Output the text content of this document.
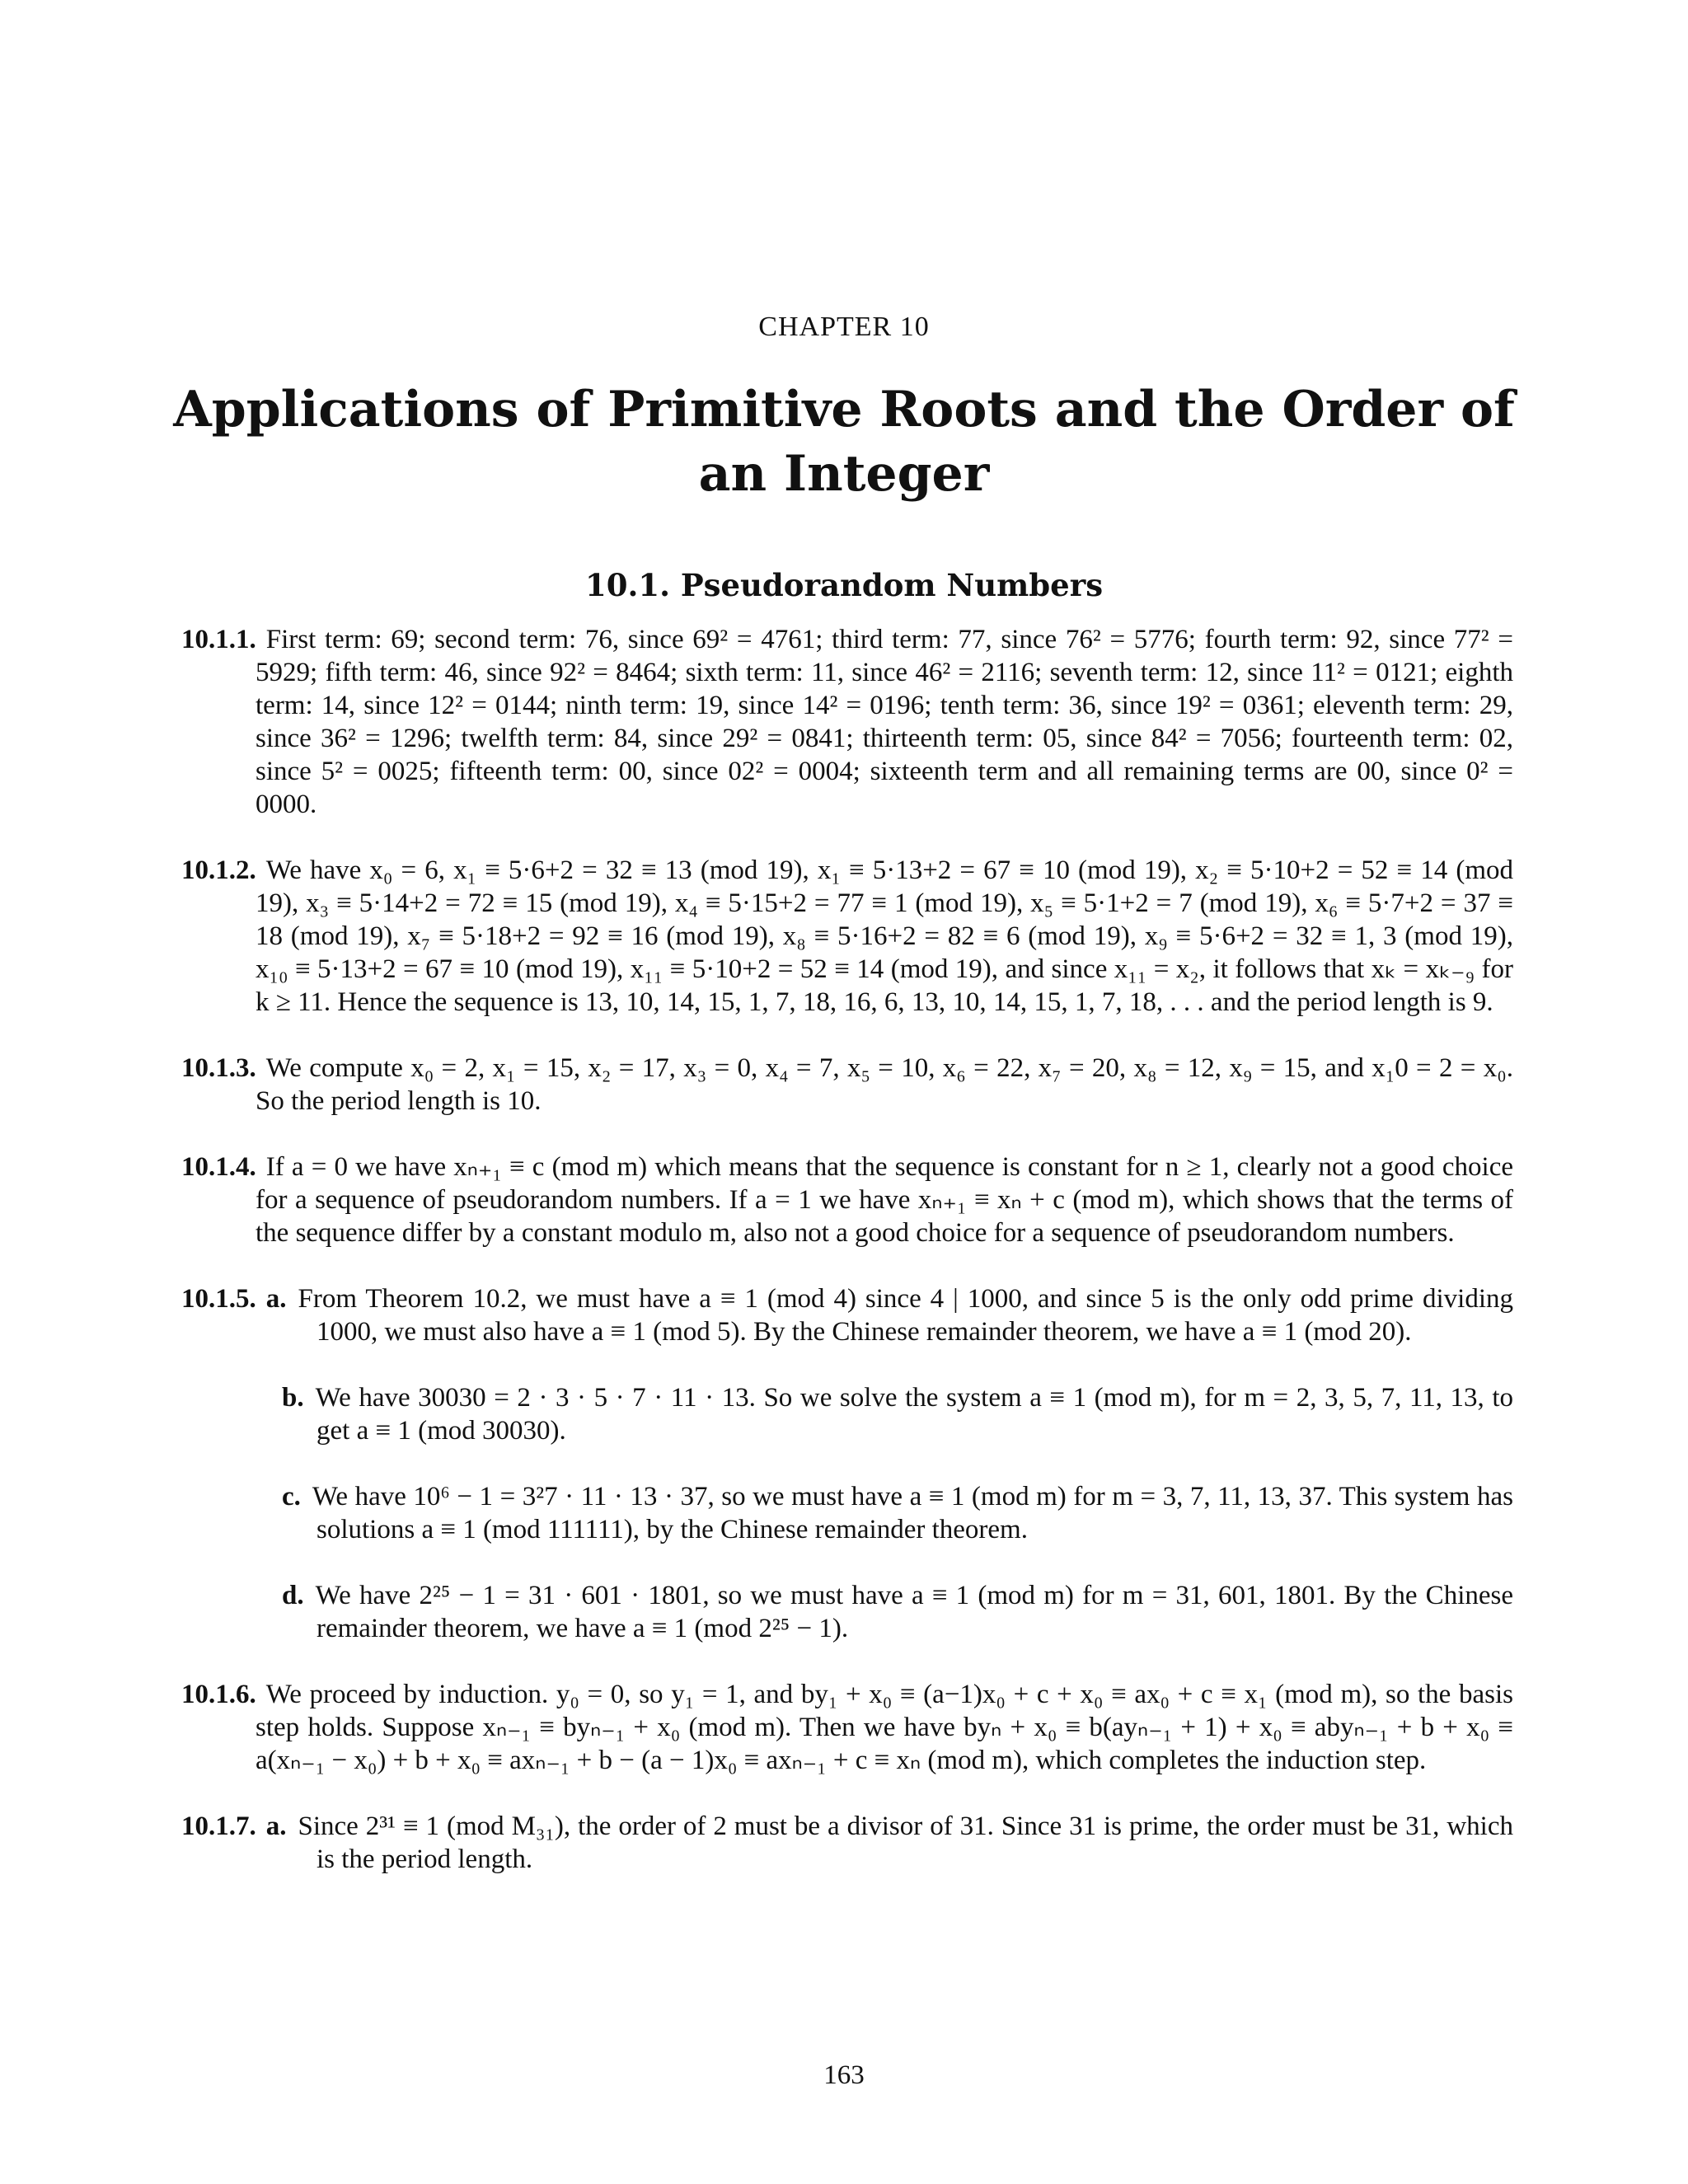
CHAPTER 10
Applications of Primitive Roots and the Order of an Integer
10.1. Pseudorandom Numbers

10.1.1. First term: 69; second term: 76, since 69² = 4761; third term: 77, since 76² = 5776; fourth term: 92, since 77² = 5929; fifth term: 46, since 92² = 8464; sixth term: 11, since 46² = 2116; seventh term: 12, since 11² = 0121; eighth term: 14, since 12² = 0144; ninth term: 19, since 14² = 0196; tenth term: 36, since 19² = 0361; eleventh term: 29, since 36² = 1296; twelfth term: 84, since 29² = 0841; thirteenth term: 05, since 84² = 7056; fourteenth term: 02, since 5² = 0025; fifteenth term: 00, since 02² = 0004; sixteenth term and all remaining terms are 00, since 0² = 0000.

10.1.2. We have x₀ = 6, x₁ ≡ 5·6+2 = 32 ≡ 13 (mod 19), x₁ ≡ 5·13+2 = 67 ≡ 10 (mod 19), x₂ ≡ 5·10+2 = 52 ≡ 14 (mod 19), x₃ ≡ 5·14+2 = 72 ≡ 15 (mod 19), x₄ ≡ 5·15+2 = 77 ≡ 1 (mod 19), x₅ ≡ 5·1+2 = 7 (mod 19), x₆ ≡ 5·7+2 = 37 ≡ 18 (mod 19), x₇ ≡ 5·18+2 = 92 ≡ 16 (mod 19), x₈ ≡ 5·16+2 = 82 ≡ 6 (mod 19), x₉ ≡ 5·6+2 = 32 ≡ 1, 3 (mod 19), x₁₀ ≡ 5·13+2 = 67 ≡ 10 (mod 19), x₁₁ ≡ 5·10+2 = 52 ≡ 14 (mod 19), and since x₁₁ = x₂, it follows that xₖ = xₖ₋₉ for k ≥ 11. Hence the sequence is 13, 10, 14, 15, 1, 7, 18, 16, 6, 13, 10, 14, 15, 1, 7, 18, . . . and the period length is 9.

10.1.3. We compute x₀ = 2, x₁ = 15, x₂ = 17, x₃ = 0, x₄ = 7, x₅ = 10, x₆ = 22, x₇ = 20, x₈ = 12, x₉ = 15, and x₁0 = 2 = x₀. So the period length is 10.

10.1.4. If a = 0 we have xₙ₊₁ ≡ c (mod m) which means that the sequence is constant for n ≥ 1, clearly not a good choice for a sequence of pseudorandom numbers. If a = 1 we have xₙ₊₁ ≡ xₙ + c (mod m), which shows that the terms of the sequence differ by a constant modulo m, also not a good choice for a sequence of pseudorandom numbers.

10.1.5. a. From Theorem 10.2, we must have a ≡ 1 (mod 4) since 4 | 1000, and since 5 is the only odd prime dividing 1000, we must also have a ≡ 1 (mod 5). By the Chinese remainder theorem, we have a ≡ 1 (mod 20).

b. We have 30030 = 2 · 3 · 5 · 7 · 11 · 13. So we solve the system a ≡ 1 (mod m), for m = 2, 3, 5, 7, 11, 13, to get a ≡ 1 (mod 30030).

c. We have 10⁶ − 1 = 3²7 · 11 · 13 · 37, so we must have a ≡ 1 (mod m) for m = 3, 7, 11, 13, 37. This system has solutions a ≡ 1 (mod 111111), by the Chinese remainder theorem.

d. We have 2²⁵ − 1 = 31 · 601 · 1801, so we must have a ≡ 1 (mod m) for m = 31, 601, 1801. By the Chinese remainder theorem, we have a ≡ 1 (mod 2²⁵ − 1).

10.1.6. We proceed by induction. y₀ = 0, so y₁ = 1, and by₁ + x₀ ≡ (a−1)x₀ + c + x₀ ≡ ax₀ + c ≡ x₁ (mod m), so the basis step holds. Suppose xₙ₋₁ ≡ byₙ₋₁ + x₀ (mod m). Then we have byₙ + x₀ ≡ b(ayₙ₋₁ + 1) + x₀ ≡ abyₙ₋₁ + b + x₀ ≡ a(xₙ₋₁ − x₀) + b + x₀ ≡ axₙ₋₁ + b − (a − 1)x₀ ≡ axₙ₋₁ + c ≡ xₙ (mod m), which completes the induction step.

10.1.7. a. Since 2³¹ ≡ 1 (mod M₃₁), the order of 2 must be a divisor of 31. Since 31 is prime, the order must be 31, which is the period length.

163
